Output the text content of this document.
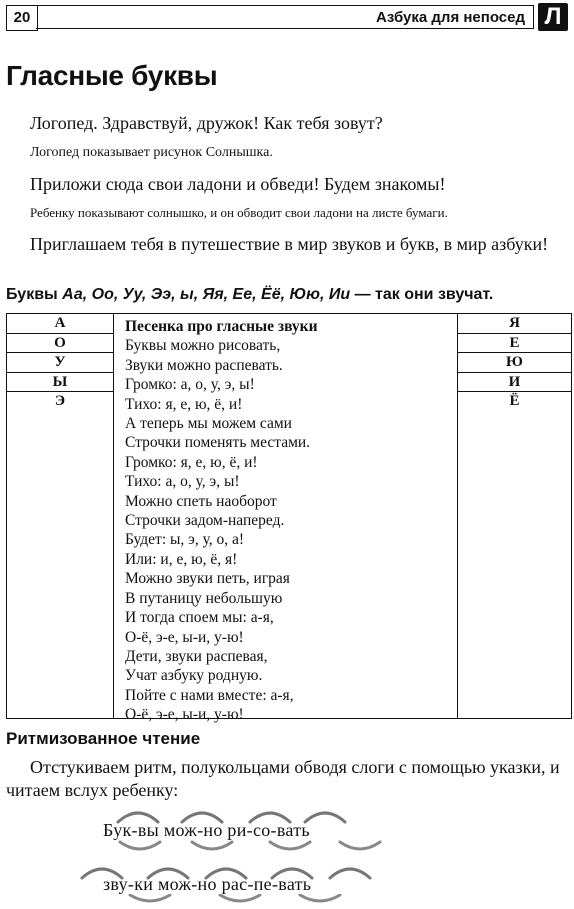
20	Азбука для непосед Л
Гласные буквы

Логопед. Здравствуй, дружок! Как тебя зовут?

Логопед показывает рисунок Солнышка.

Приложи сюда свои ладони и обведи! Будем знакомы!

Ребенку показывают солнышко, и он обводит свои ладони на листе бумаги.

Приглашаем тебя в путешествие в мир звуков и букв, в мир азбуки!

Буквы Аа, Оо, Уу, Ээ, ы, Яя, Ее, Ёё, Юю, Ии — так они звучат.

А
О
У
Ы
Э
Песенка про гласные звуки
Буквы можно рисовать,
Звуки можно распевать.
Громко: а, о, у, э, ы!
Тихо: я, е, ю, ё, и!
А теперь мы можем сами
Строчки поменять местами.
Громко: я, е, ю, ё, и!
Тихо: а, о, у, э, ы!
Можно спеть наоборот
Строчки задом-наперед.
Будет: ы, э, у, о, а!
Или: и, е, ю, ё, я!
Можно звуки петь, играя
В путаницу небольшую
И тогда споем мы: а-я,
О-ё, э-е, ы-и, у-ю!
Дети, звуки распевая,
Учат азбуку родную.
Пойте с нами вместе: а-я,
О-ё, э-е, ы-и, у-ю!
Я
Е
Ю
И
Ё

Ритмизованное чтение

Отстукиваем ритм, полукольцами обводя слоги с помощью указки, и читаем вслух ребенку:

Бук-вы мож-но ри-со-вать
зву-ки мож-но рас-пе-вать
